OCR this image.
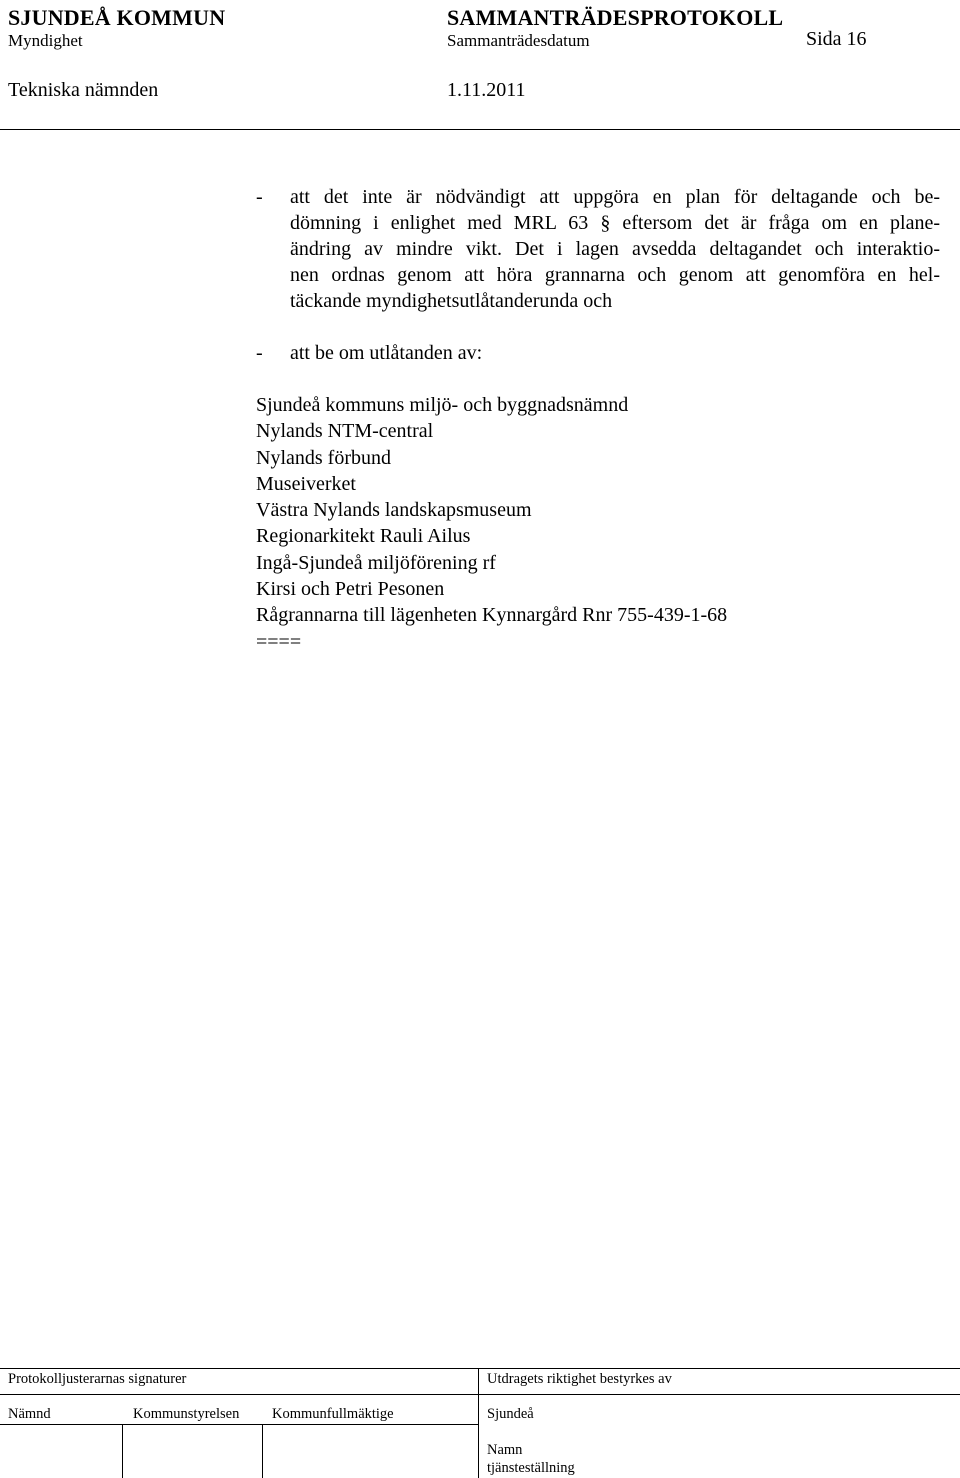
SJUNDEÅ KOMMUN	SAMMANTRÄDESPROTOKOLL
Myndighet	Sammanträdesdatum	Sida 16
Tekniska nämnden	1.11.2011
- att det inte är nödvändigt att uppgöra en plan för deltagande och be-
dömning i enlighet med MRL 63 § eftersom det är fråga om en plane-
ändring av mindre vikt. Det i lagen avsedda deltagandet och interaktio-
nen ordnas genom att höra grannarna och genom att genomföra en hel-
täckande myndighetsutlåtanderunda och
- att be om utlåtanden av:
Sjundeå kommuns miljö- och byggnadsnämnd
Nylands NTM-central
Nylands förbund
Museiverket
Västra Nylands landskapsmuseum
Regionarkitekt Rauli Ailus
Ingå-Sjundeå miljöförening rf
Kirsi och Petri Pesonen
Rågrannarna till lägenheten Kynnargård Rnr 755-439-1-68
====
Protokolljusterarnas signaturer	Utdragets riktighet bestyrkes av
Nämnd	Kommunstyrelsen Kommunfullmäktige	Sjundeå
Namn
tjänsteställning
